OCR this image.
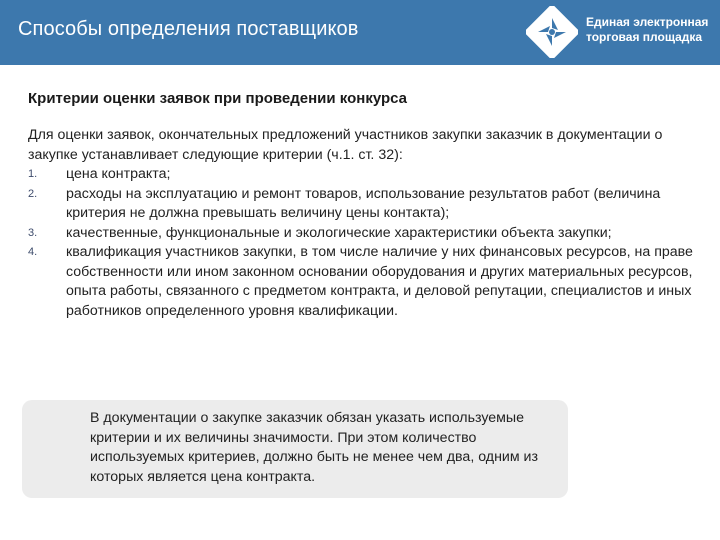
Способы определения поставщиков	Единая электронная
торговая площадка
Критерии оценки заявок при проведении конкурса

Для оценки заявок, окончательных предложений участников закупки заказчик в документации о закупке устанавливает следующие критерии (ч.1. ст. 32):

1. цена контракта;
2. расходы на эксплуатацию и ремонт товаров, использование результатов работ (величина критерия не должна превышать величину цены контакта);
3. качественные, функциональные и экологические характеристики объекта закупки;
4. квалификация участников закупки, в том числе наличие у них финансовых ресурсов, на праве собственности или ином законном основании оборудования и других материальных ресурсов, опыта работы, связанного с предметом контракта, и деловой репутации, специалистов и иных работников определенного уровня квалификации.
В документации о закупке заказчик обязан указать используемые критерии и их величины значимости. При этом количество используемых критериев, должно быть не менее чем два, одним из которых является цена контракта.
